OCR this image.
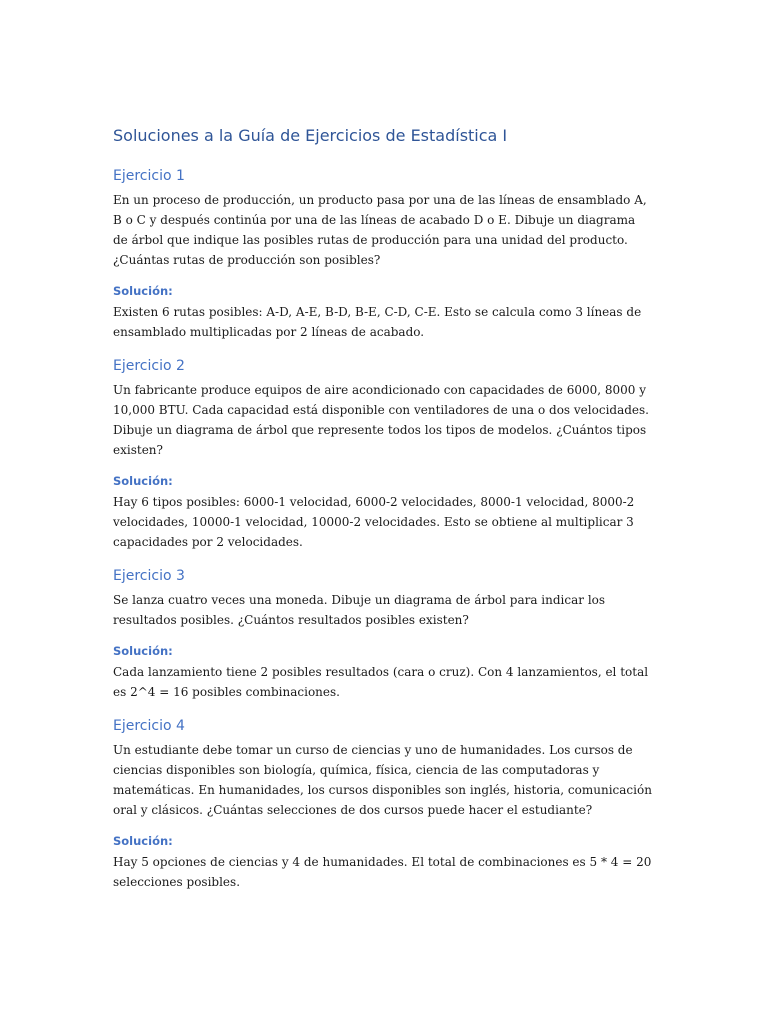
Soluciones a la Guía de Ejercicios de Estadística I
Ejercicio 1

En un proceso de producción, un producto pasa por una de las líneas de ensamblado A, B o C y después continúa por una de las líneas de acabado D o E. Dibuje un diagrama de árbol que indique las posibles rutas de producción para una unidad del producto. ¿Cuántas rutas de producción son posibles?

Solución:

Existen 6 rutas posibles: A-D, A-E, B-D, B-E, C-D, C-E. Esto se calcula como 3 líneas de ensamblado multiplicadas por 2 líneas de acabado.

Ejercicio 2

Un fabricante produce equipos de aire acondicionado con capacidades de 6000, 8000 y 10,000 BTU. Cada capacidad está disponible con ventiladores de una o dos velocidades. Dibuje un diagrama de árbol que represente todos los tipos de modelos. ¿Cuántos tipos existen?

Solución:

Hay 6 tipos posibles: 6000-1 velocidad, 6000-2 velocidades, 8000-1 velocidad, 8000-2 velocidades, 10000-1 velocidad, 10000-2 velocidades. Esto se obtiene al multiplicar 3 capacidades por 2 velocidades.

Ejercicio 3

Se lanza cuatro veces una moneda. Dibuje un diagrama de árbol para indicar los resultados posibles. ¿Cuántos resultados posibles existen?

Solución:

Cada lanzamiento tiene 2 posibles resultados (cara o cruz). Con 4 lanzamientos, el total es 2^4 = 16 posibles combinaciones.

Ejercicio 4

Un estudiante debe tomar un curso de ciencias y uno de humanidades. Los cursos de ciencias disponibles son biología, química, física, ciencia de las computadoras y matemáticas. En humanidades, los cursos disponibles son inglés, historia, comunicación oral y clásicos. ¿Cuántas selecciones de dos cursos puede hacer el estudiante?

Solución:

Hay 5 opciones de ciencias y 4 de humanidades. El total de combinaciones es 5 * 4 = 20 selecciones posibles.
